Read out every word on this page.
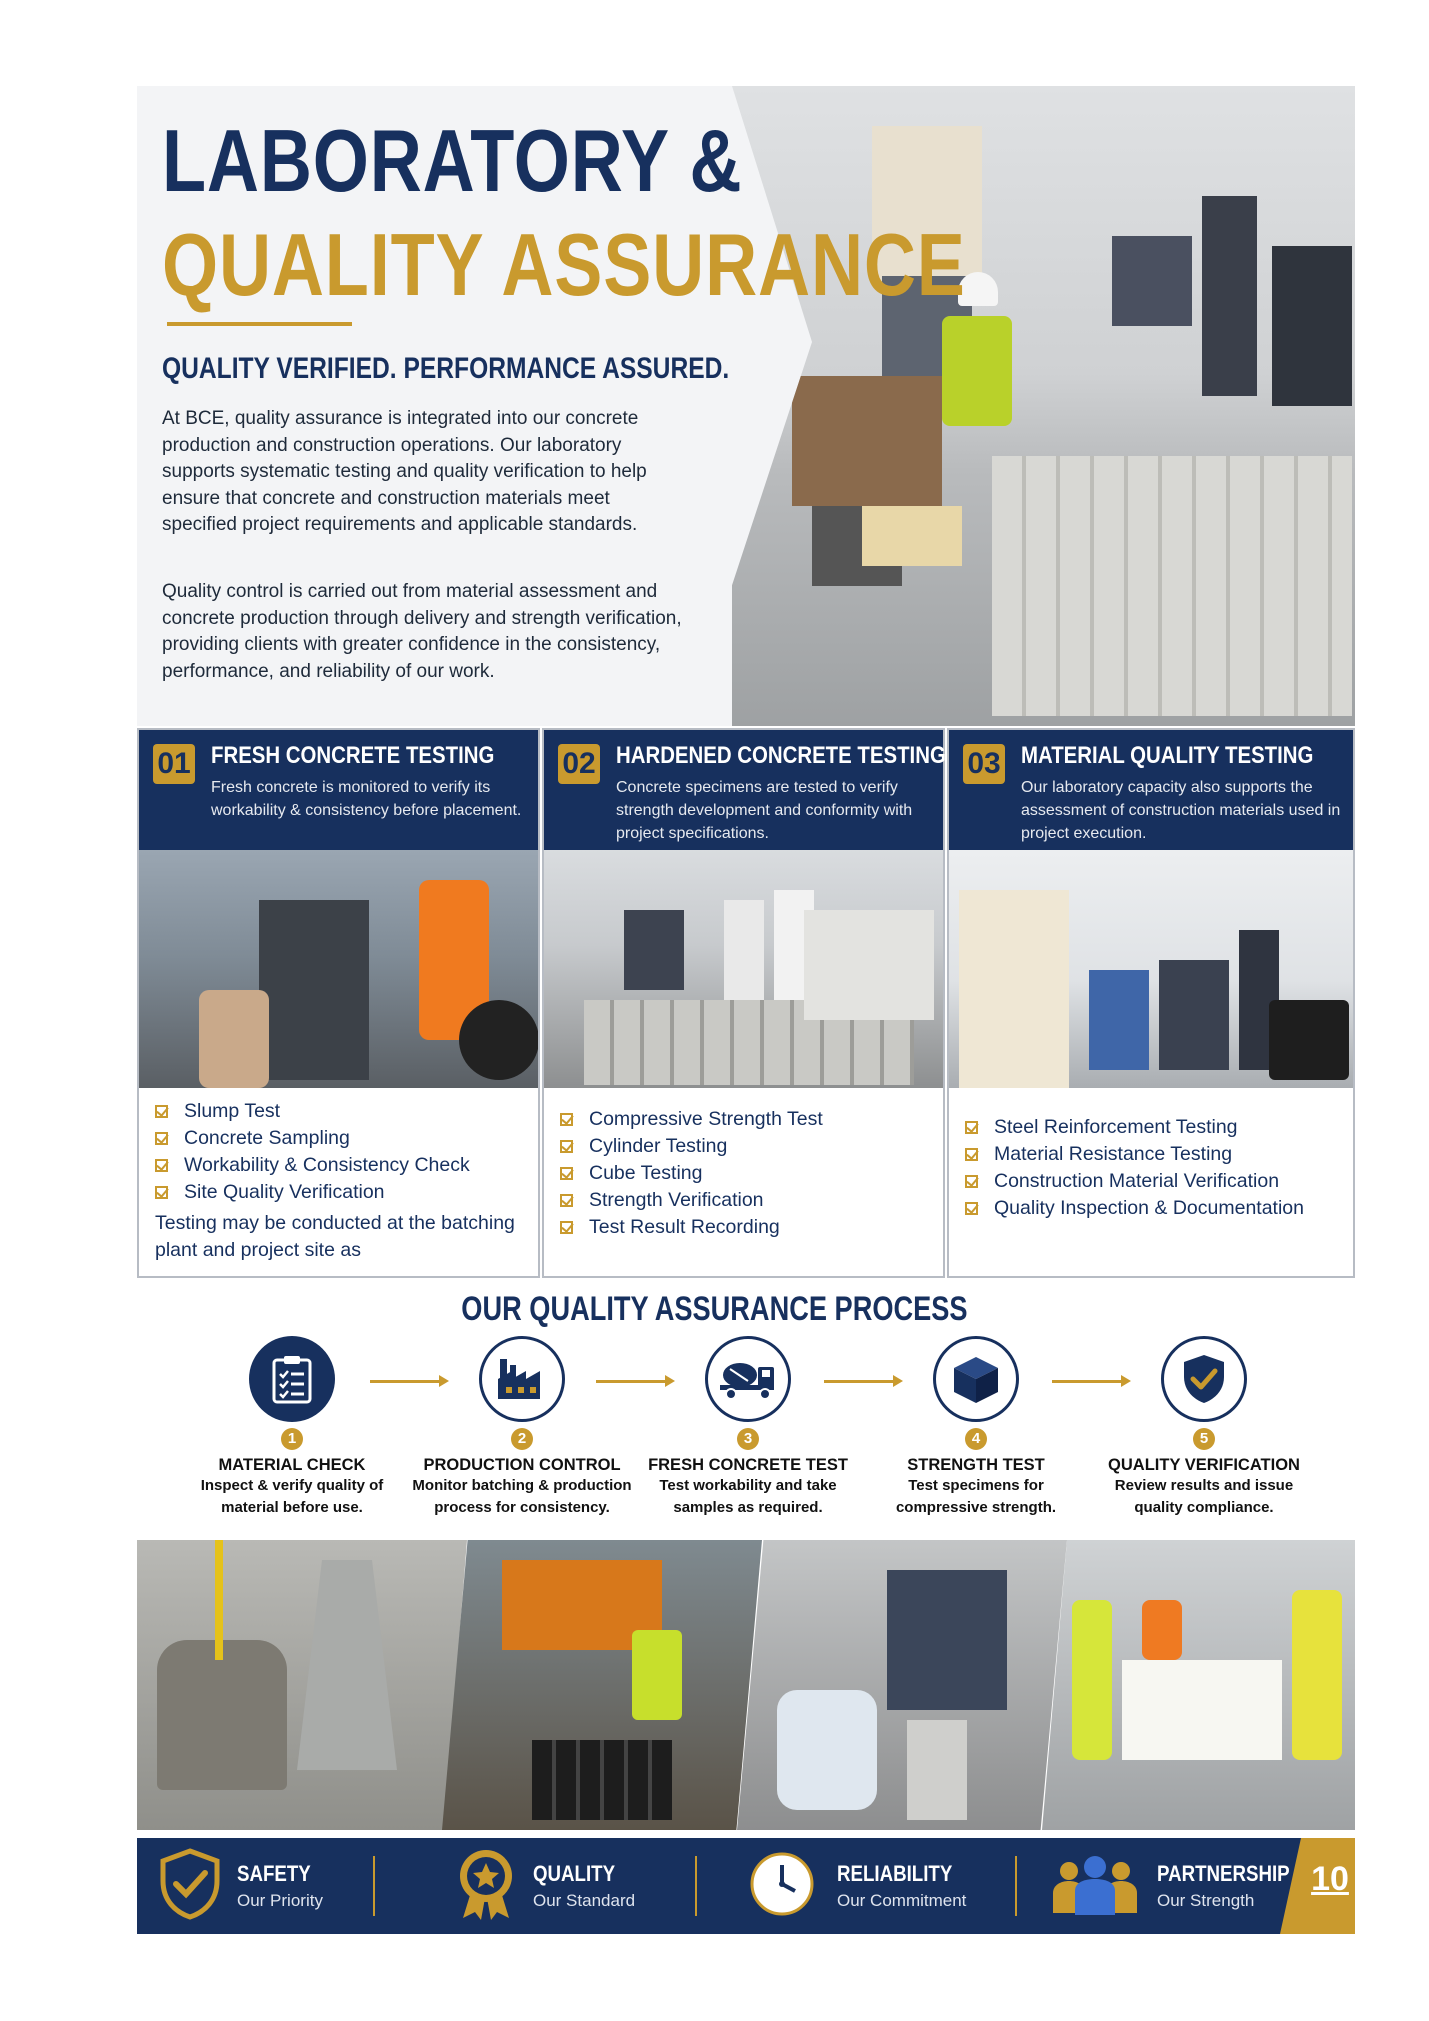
LABORATORY &
QUALITY ASSURANCE
QUALITY VERIFIED. PERFORMANCE ASSURED.
At BCE, quality assurance is integrated into our concrete production and construction operations. Our laboratory supports systematic testing and quality verification to help ensure that concrete and construction materials meet specified project requirements and applicable standards.
Quality control is carried out from material assessment and concrete production through delivery and strength verification, providing clients with greater confidence in the consistency, performance, and reliability of our work.
01 FRESH CONCRETE TESTING
Fresh concrete is monitored to verify its workability & consistency before placement.
Slump Test
Concrete Sampling
Workability & Consistency Check
Site Quality Verification
Testing may be conducted at the batching plant and project site as
02 HARDENED CONCRETE TESTING
Concrete specimens are tested to verify strength development and conformity with project specifications.
Compressive Strength Test
Cylinder Testing
Cube Testing
Strength Verification
Test Result Recording
03 MATERIAL QUALITY TESTING
Our laboratory capacity also supports the assessment of construction materials used in project execution.
Steel Reinforcement Testing
Material Resistance Testing
Construction Material Verification
Quality Inspection & Documentation
OUR QUALITY ASSURANCE PROCESS
1
MATERIAL CHECK
Inspect & verify quality of
material before use.
2
PRODUCTION CONTROL
Monitor batching & production
process for consistency.
3
FRESH CONCRETE TEST
Test workability and take
samples as required.
4
STRENGTH TEST
Test specimens for
compressive strength.
5
QUALITY VERIFICATION
Review results and issue
quality compliance.
SAFETY
Our Priority
QUALITY
Our Standard
RELIABILITY
Our Commitment
PARTNERSHIP
Our Strength
10
